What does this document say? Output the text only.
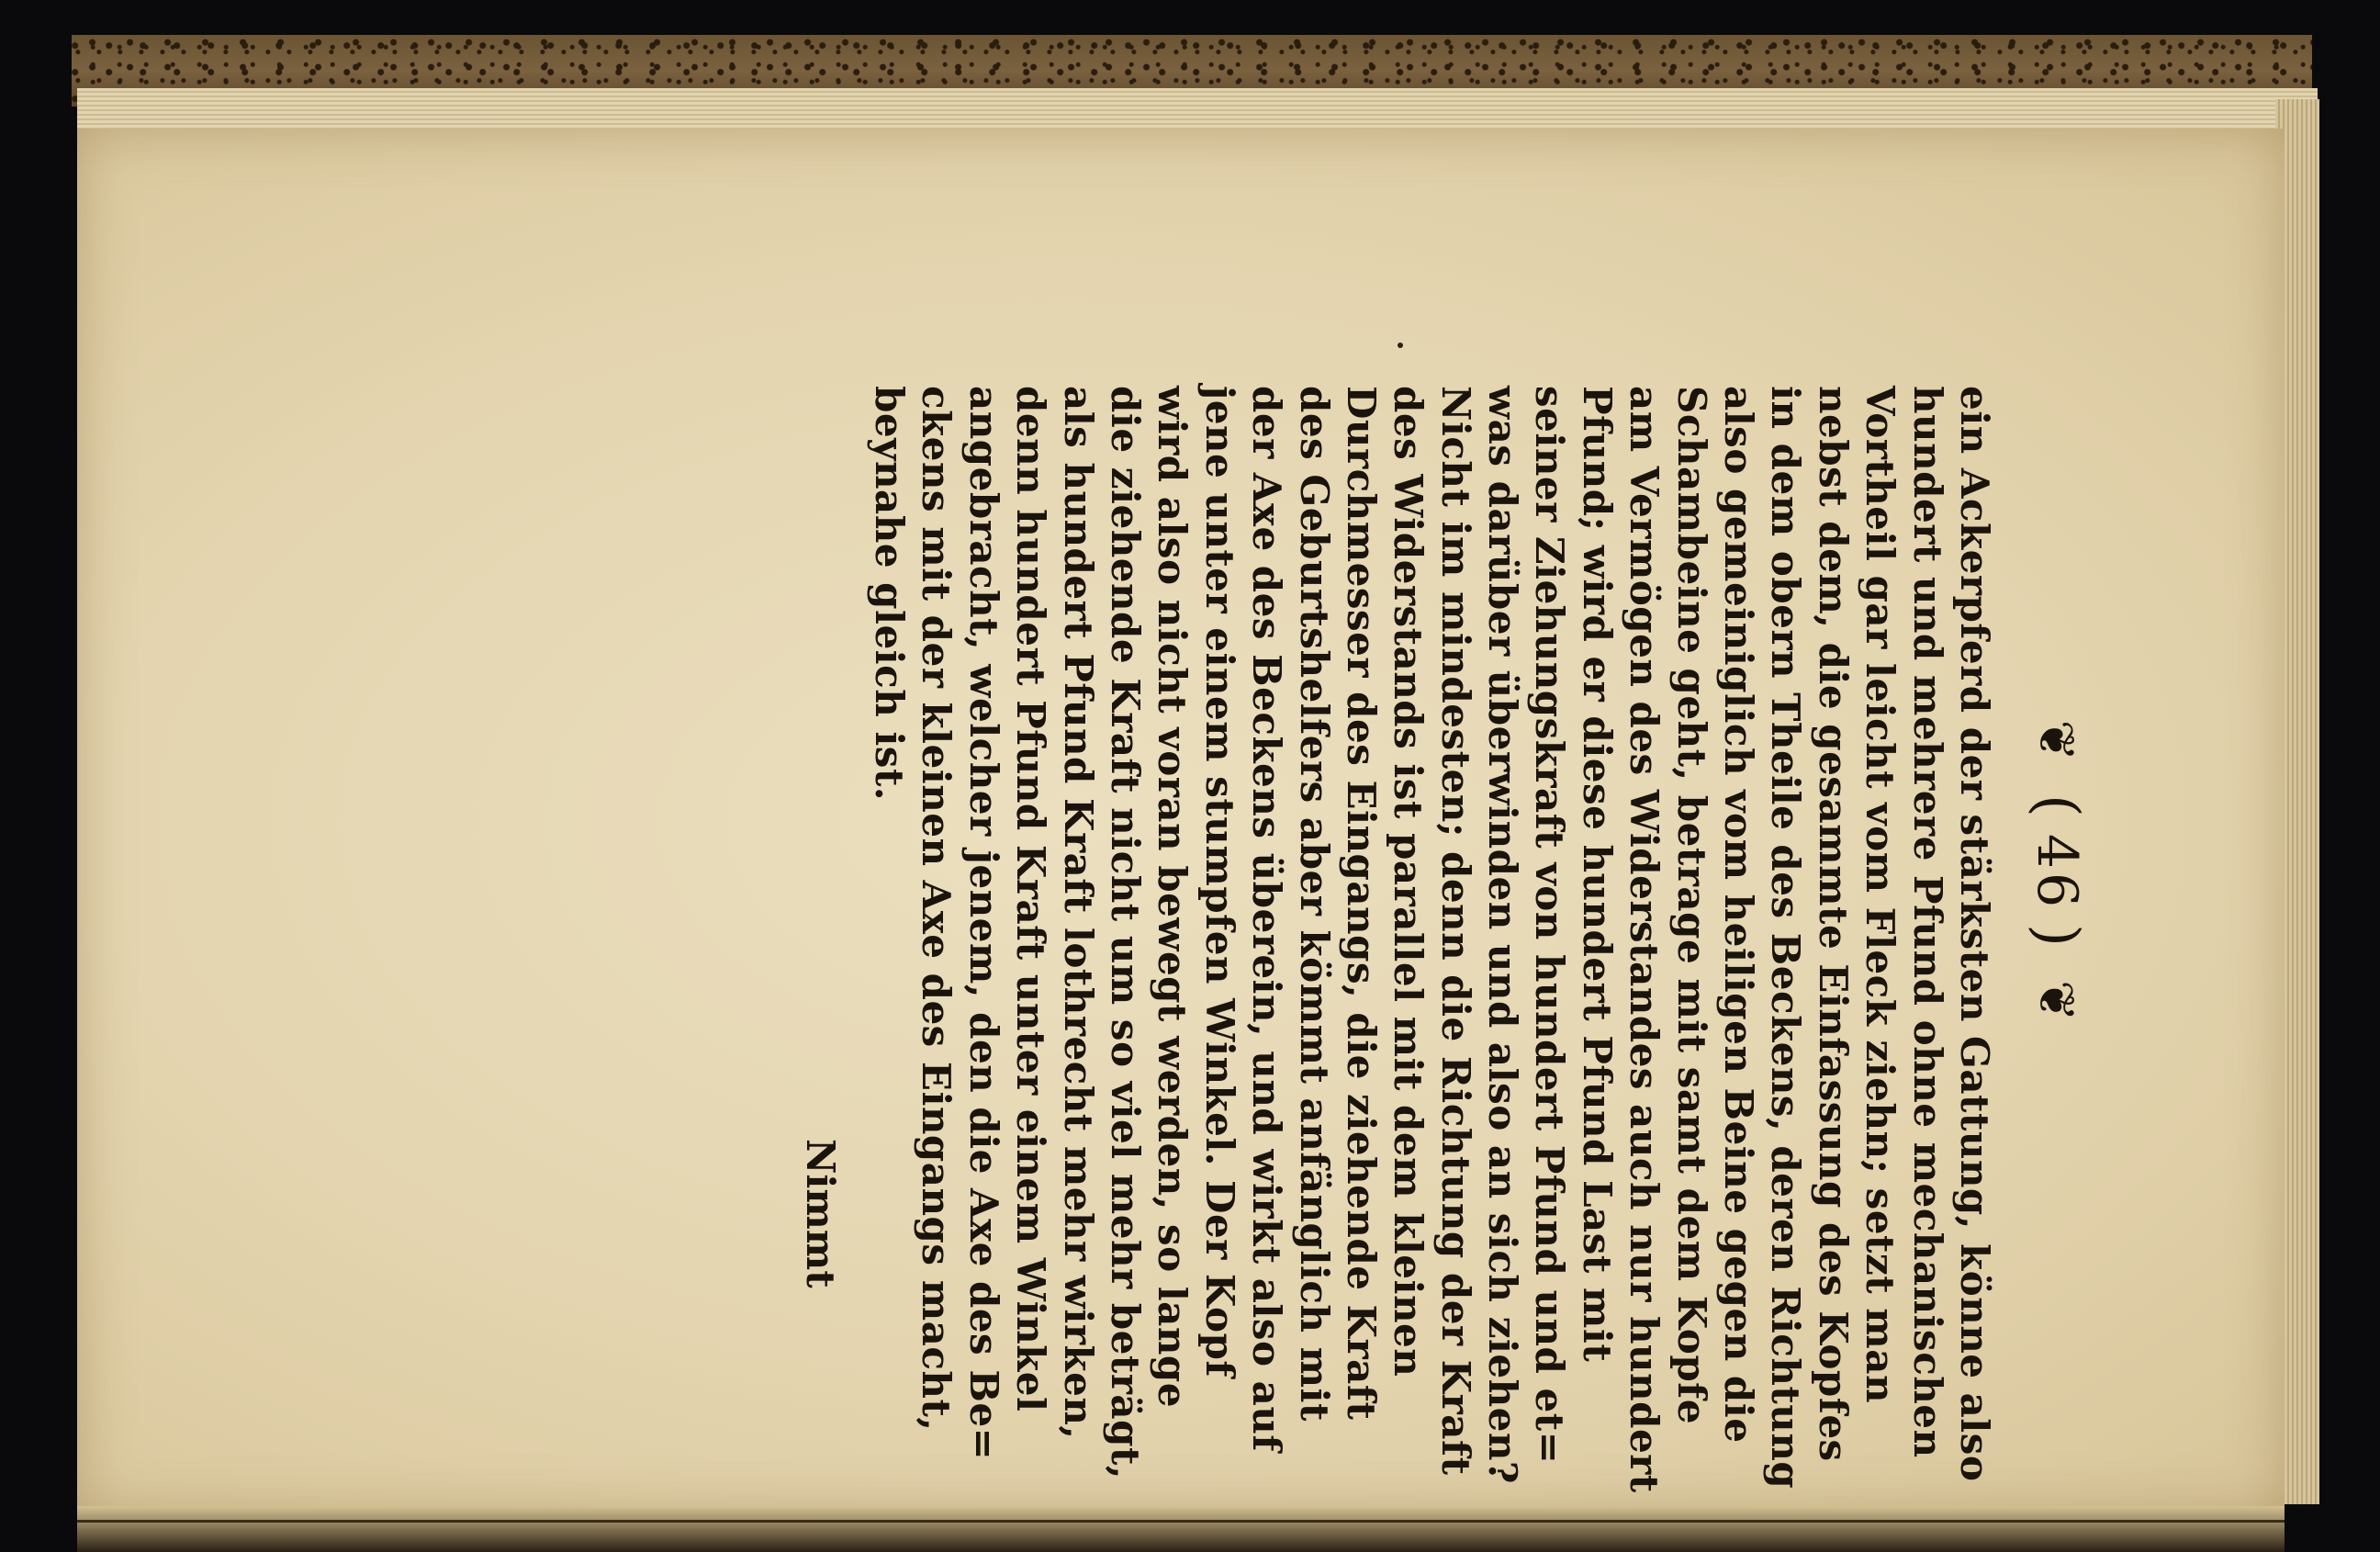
❦
(
46
)
❦
ein Ackerpferd der stärksten Gattung, könne also
hundert und mehrere Pfund ohne mechanischen
Vortheil gar leicht vom Fleck ziehn; setzt man
nebst dem, die gesammte Einfassung des Kopfes
in dem obern Theile des Beckens, deren Richtung
also gemeiniglich vom heiligen Beine gegen die
Schambeine geht, betrage mit samt dem Kopfe
am Vermögen des Widerstandes auch nur hundert
Pfund; wird er diese hundert Pfund Last mit
seiner Ziehungskraft von hundert Pfund und et=
was darüber überwinden und also an sich ziehen?
Nicht im mindesten; denn die Richtung der Kraft
des Widerstands ist parallel mit dem kleinen
Durchmesser des Eingangs, die ziehende Kraft
des Geburtshelfers aber kömmt anfänglich mit
der Axe des Beckens überein, und wirkt also auf
jene unter einem stumpfen Winkel. Der Kopf
wird also nicht voran bewegt werden, so lange
die ziehende Kraft nicht um so viel mehr beträgt,
als hundert Pfund Kraft lothrecht mehr wirken,
denn hundert Pfund Kraft unter einem Winkel
angebracht, welcher jenem, den die Axe des Be=
ckens mit der kleinen Axe des Eingangs macht,
beynahe gleich ist.
Nimmt
